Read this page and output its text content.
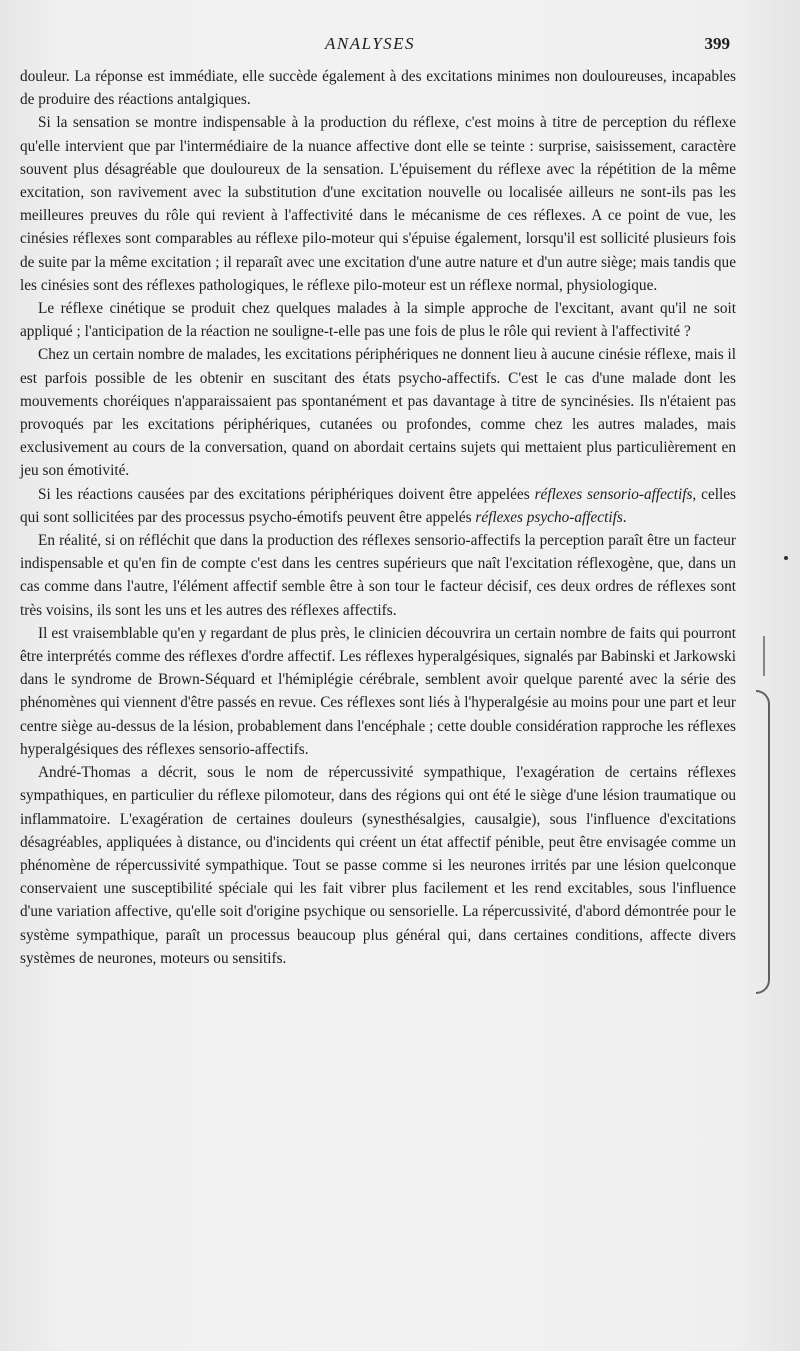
ANALYSES	399

douleur. La réponse est immédiate, elle succède également à des excitations minimes non douloureuses, incapables de produire des réactions antalgiques.

Si la sensation se montre indispensable à la production du réflexe, c'est moins à titre de perception du réflexe qu'elle intervient que par l'intermédiaire de la nuance affective dont elle se teinte : surprise, saisissement, caractère souvent plus désagréable que douloureux de la sensation. L'épuisement du réflexe avec la répétition de la même excitation, son ravivement avec la substitution d'une excitation nouvelle ou localisée ailleurs ne sont-ils pas les meilleures preuves du rôle qui revient à l'affectivité dans le mécanisme de ces réflexes. A ce point de vue, les cinésies réflexes sont comparables au réflexe pilo-moteur qui s'épuise également, lorsqu'il est sollicité plusieurs fois de suite par la même excitation ; il reparaît avec une excitation d'une autre nature et d'un autre siège; mais tandis que les cinésies sont des réflexes pathologiques, le réflexe pilo-moteur est un réflexe normal, physiologique.

Le réflexe cinétique se produit chez quelques malades à la simple approche de l'excitant, avant qu'il ne soit appliqué ; l'anticipation de la réaction ne souligne-t-elle pas une fois de plus le rôle qui revient à l'affectivité ?

Chez un certain nombre de malades, les excitations périphériques ne donnent lieu à aucune cinésie réflexe, mais il est parfois possible de les obtenir en suscitant des états psycho-affectifs. C'est le cas d'une malade dont les mouvements choréiques n'apparaissaient pas spontanément et pas davantage à titre de syncinésies. Ils n'étaient pas provoqués par les excitations périphériques, cutanées ou profondes, comme chez les autres malades, mais exclusivement au cours de la conversation, quand on abordait certains sujets qui mettaient plus particulièrement en jeu son émotivité.

Si les réactions causées par des excitations périphériques doivent être appelées réflexes sensorio-affectifs, celles qui sont sollicitées par des processus psycho-émotifs peuvent être appelés réflexes psycho-affectifs.

En réalité, si on réfléchit que dans la production des réflexes sensorio-affectifs la perception paraît être un facteur indispensable et qu'en fin de compte c'est dans les centres supérieurs que naît l'excitation réflexogène, que, dans un cas comme dans l'autre, l'élément affectif semble être à son tour le facteur décisif, ces deux ordres de réflexes sont très voisins, ils sont les uns et les autres des réflexes affectifs.

Il est vraisemblable qu'en y regardant de plus près, le clinicien découvrira un certain nombre de faits qui pourront être interprétés comme des réflexes d'ordre affectif. Les réflexes hyperalgésiques, signalés par Babinski et Jarkowski dans le syndrome de Brown-Séquard et l'hémiplégie cérébrale, semblent avoir quelque parenté avec la série des phénomènes qui viennent d'être passés en revue. Ces réflexes sont liés à l'hyperalgésie au moins pour une part et leur centre siège au-dessus de la lésion, probablement dans l'encéphale ; cette double considération rapproche les réflexes hyperalgésiques des réflexes sensorio-affectifs.

André-Thomas a décrit, sous le nom de répercussivité sympathique, l'exagération de certains réflexes sympathiques, en particulier du réflexe pilomoteur, dans des régions qui ont été le siège d'une lésion traumatique ou inflammatoire. L'exagération de certaines douleurs (synesthésalgies, causalgie), sous l'influence d'excitations désagréables, appliquées à distance, ou d'incidents qui créent un état affectif pénible, peut être envisagée comme un phénomène de répercussivité sympathique. Tout se passe comme si les neurones irrités par une lésion quelconque conservaient une susceptibilité spéciale qui les fait vibrer plus facilement et les rend excitables, sous l'influence d'une variation affective, qu'elle soit d'origine psychique ou sensorielle. La répercussivité, d'abord démontrée pour le système sympathique, paraît un processus beaucoup plus général qui, dans certaines conditions, affecte divers systèmes de neurones, moteurs ou sensitifs.
